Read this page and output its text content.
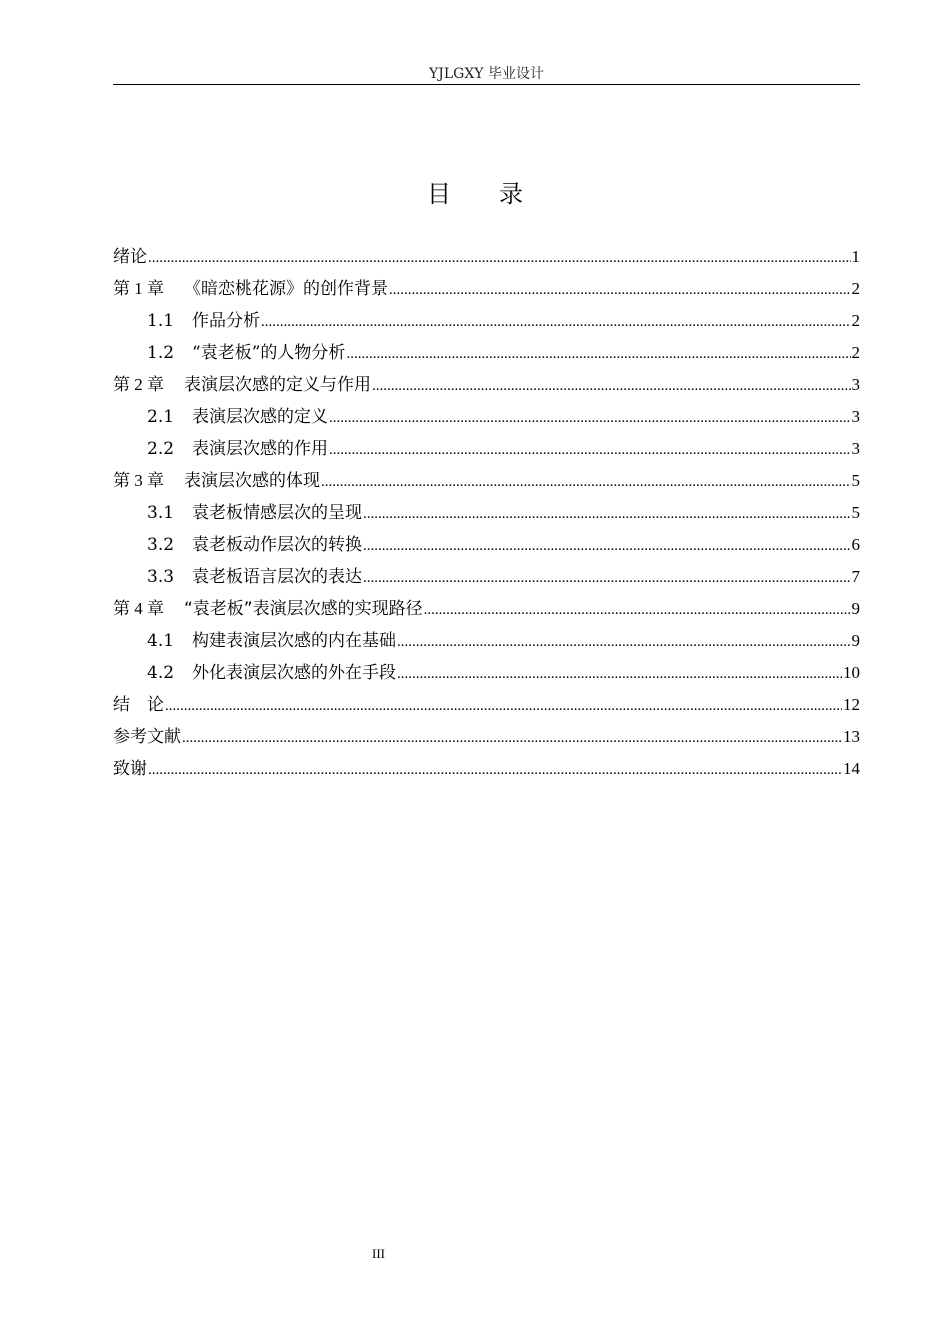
YJLGXY 毕业设计
目 录
绪论 .....	1
第 1 章 《暗恋桃花源》的创作背景 .....	2
1.1 作品分析 .....	2
1.2 “袁老板”的人物分析 .....	2
第 2 章 表演层次感的定义与作用 .....	3
2.1 表演层次感的定义 .....	3
2.2 表演层次感的作用 .....	3
第 3 章 表演层次感的体现 .....	5
3.1 袁老板情感层次的呈现 .....	5
3.2 袁老板动作层次的转换 .....	6
3.3 袁老板语言层次的表达 .....	7
第 4 章 “袁老板”表演层次感的实现路径 .....	9
4.1 构建表演层次感的内在基础 .....	9
4.2 外化表演层次感的外在手段 .....	10
结　论 .....	12
参考文献 .....	13
致谢 .....	14
III
